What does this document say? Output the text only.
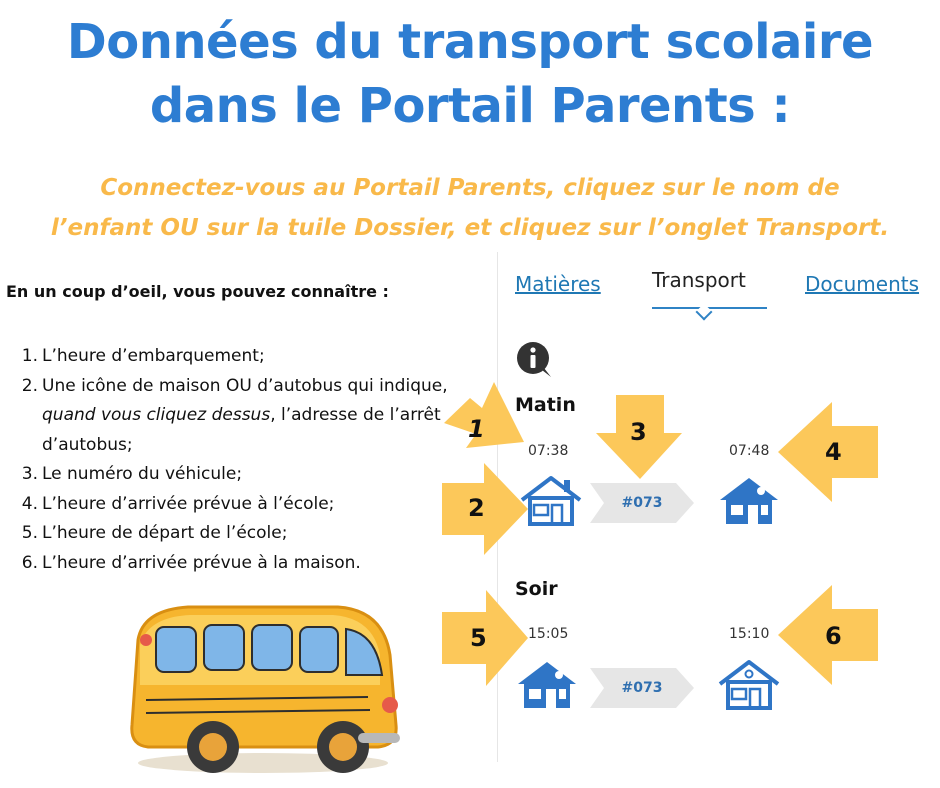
Données du transport scolaire
dans le Portail Parents :
Connectez-vous au Portail Parents, cliquez sur le nom de
l’enfant OU sur la tuile Dossier, et cliquez sur l’onglet Transport.
En un coup d’oeil, vous pouvez connaître :
1. L’heure d’embarquement;
2. Une icône de maison OU d’autobus qui indique, quand vous cliquez dessus, l’adresse de l’arrêt d’autobus;
3. Le numéro du véhicule;
4. L’heure d’arrivée prévue à l’école;
5. L’heure de départ de l’école;
6. L’heure d’arrivée prévue à la maison.
Matières	Transport	Documents
Matin
07:38	07:48
#073
Soir
15:05	15:10
#073
1
2
3
4
5	6
